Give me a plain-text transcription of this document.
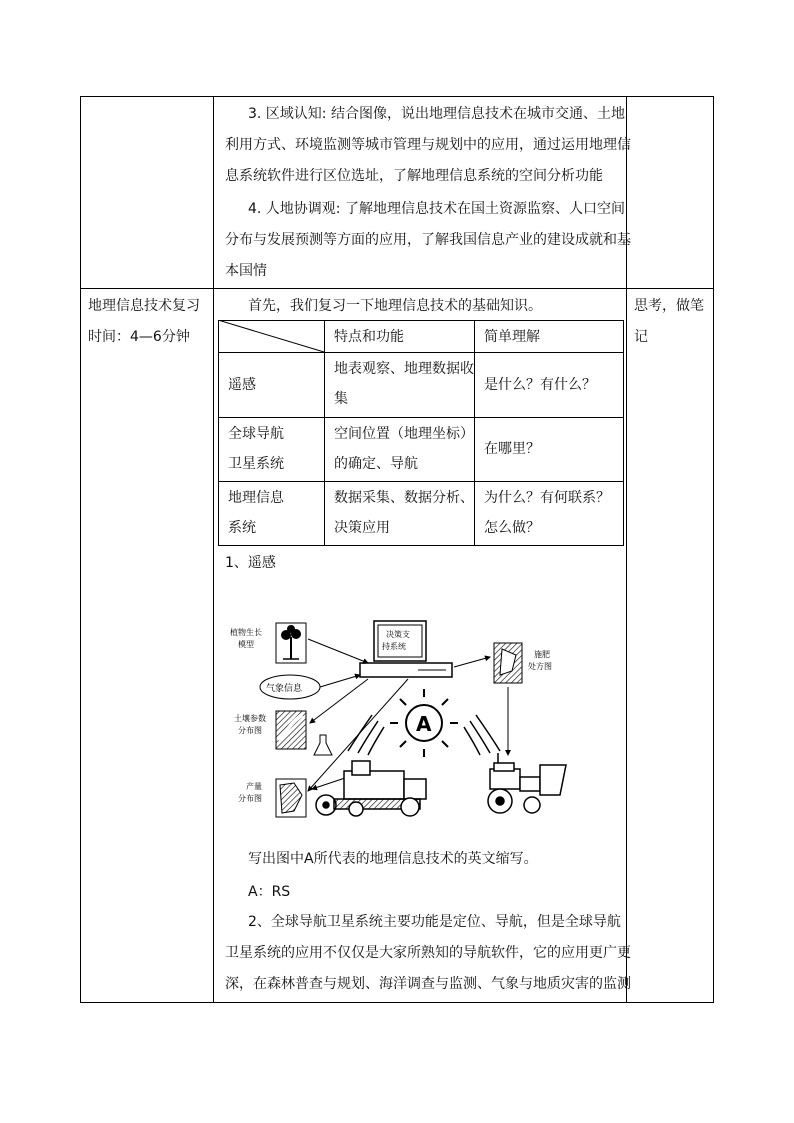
3. 区域认知: 结合图像，说出地理信息技术在城市交通、土地
利用方式、环境监测等城市管理与规划中的应用，通过运用地理信
息系统软件进行区位选址，了解地理信息系统的空间分析功能
4. 人地协调观: 了解地理信息技术在国土资源监察、人口空间
分布与发展预测等方面的应用，了解我国信息产业的建设成就和基
本国情
地理信息技术复习
时间：4—6分钟
思考，做笔
记
首先，我们复习一下地理信息技术的基础知识。
特点和功能	简单理解
遥感
地表观察、地理数据收
集
是什么？有什么？
全球导航
卫星系统
空间位置（地理坐标）
的确定、导航
在哪里？
地理信息
系统
数据采集、数据分析、
决策应用
为什么？有何联系？
怎么做？
1、遥感
植物生长
模型
决策支
持系统
施肥
处方图
气象信息
土壤参数
分布图
产量
分布图
A
写出图中A所代表的地理信息技术的英文缩写。
A：RS
2、全球导航卫星系统主要功能是定位、导航，但是全球导航
卫星系统的应用不仅仅是大家所熟知的导航软件，它的应用更广更
深，在森林普查与规划、海洋调查与监测、气象与地质灾害的监测
